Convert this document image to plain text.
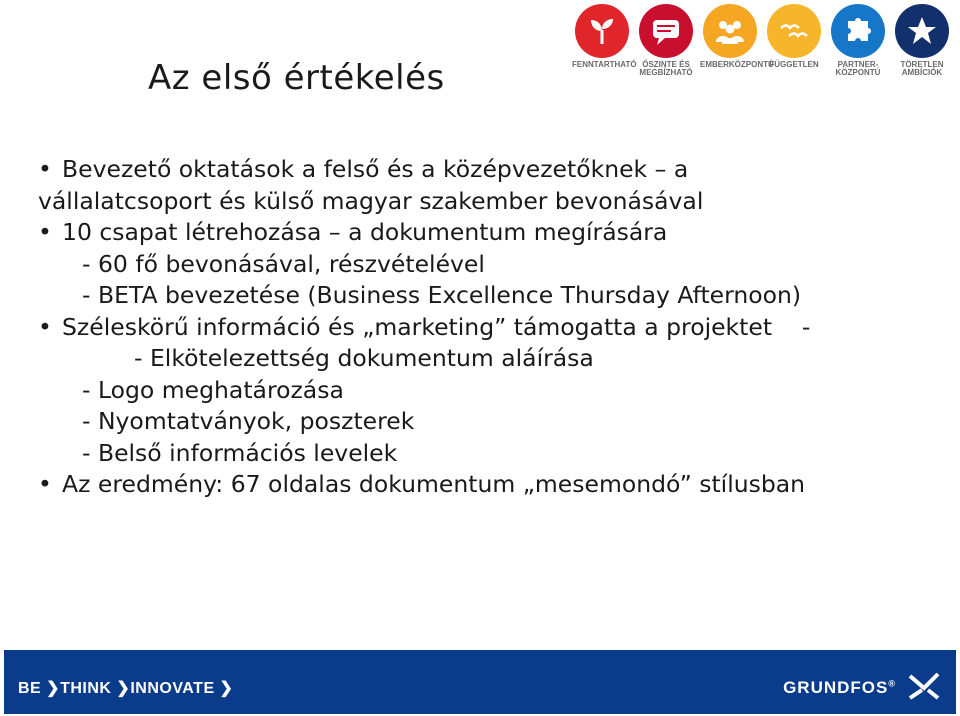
Az első értékelés	FENNTARTHATÓ ŐSZINTE ÉS MEGBÍZHATÓ
EMBERKÖZPONTÚ
FÜGGETLEN	PARTNER-KÖZPONTÚ
TÖRETLEN AMBÍCIÓK
• Bevezető oktatások a felső és a középvezetőknek – a
vállalatcsoport és külső magyar szakember bevonásával
• 10 csapat létrehozása – a dokumentum megírására
- 60 fő bevonásával, részvételével
- BETA bevezetése (Business Excellence Thursday Afternoon)
• Széleskörű információ és „marketing” támogatta a projektet    -
- Elkötelezettség dokumentum aláírása
- Logo meghatározása
- Nyomtatványok, poszterek
- Belső információs levelek
• Az eredmény: 67 oldalas dokumentum „mesemondó” stílusban
BE ❯THINK ❯INNOVATE ❯	GRUNDFOS®
